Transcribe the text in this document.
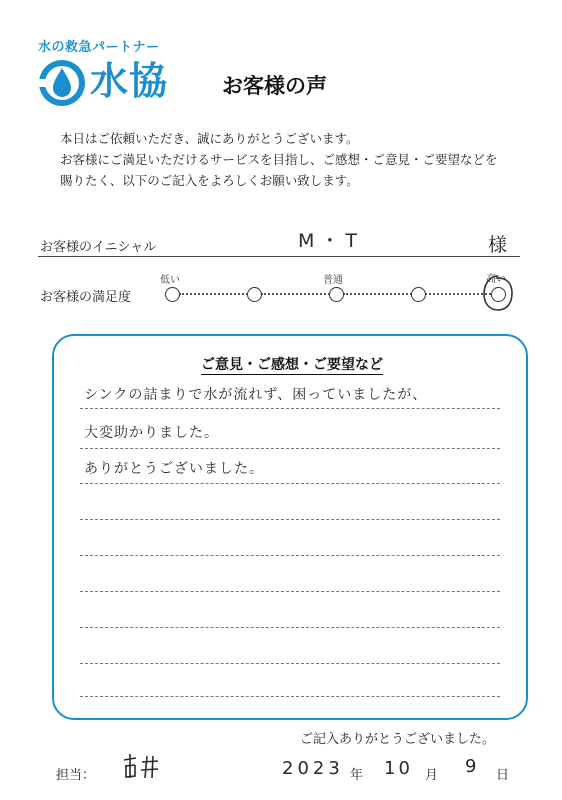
水の救急パートナー
水協	お客様の声
本日はご依頼いただき、誠にありがとうございます。
お客様にご満足いただけるサービスを目指し、ご感想・ご意見・ご要望などを
賜りたく、以下のご記入をよろしくお願い致します。
お客様のイニシャル	M・T	様
お客様の満足度
低い	普通	高い
ご意見・ご感想・ご要望など
シンクの詰まりで水が流れず、困っていましたが、
大変助かりました。
ありがとうございました。
ご記入ありがとうございました。
担当：	2023 年 10 月 9 日
